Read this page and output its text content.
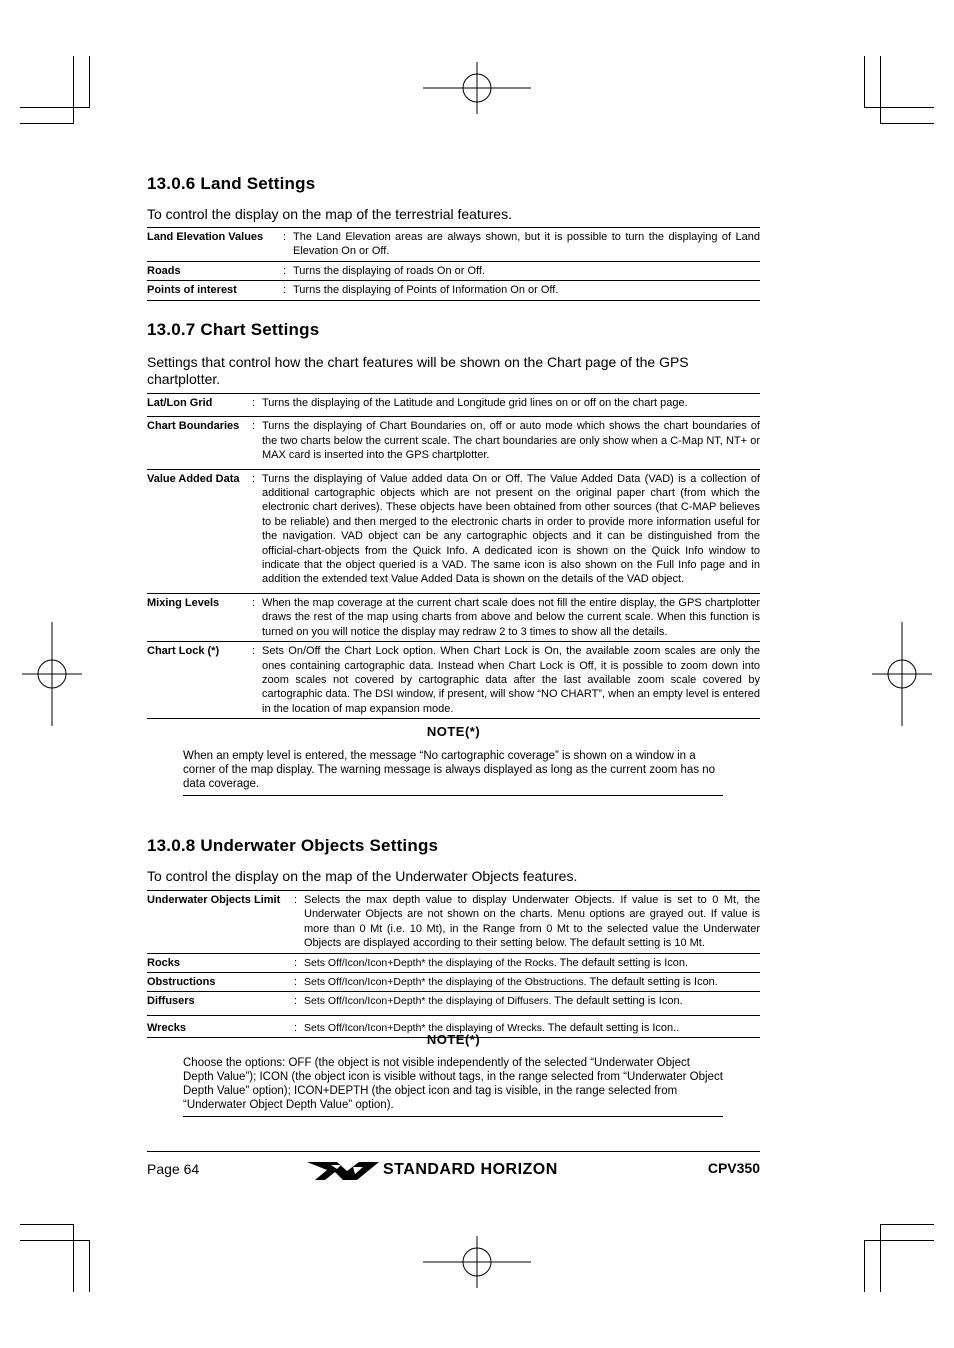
13.0.6 Land Settings
To control the display on the map of the terrestrial features.
Land Elevation Values : The Land Elevation areas are always shown, but it is possible to turn the displaying of Land Elevation On or Off.
Roads	: Turns the displaying of roads On or Off.
Points of interest	: Turns the displaying of Points of Information On or Off.
13.0.7 Chart Settings
Settings that control how the chart features will be shown on the Chart page of the GPS chartplotter.
Lat/Lon Grid	: Turns the displaying of the Latitude and Longitude grid lines on or off on the chart page.
Chart Boundaries : Turns the displaying of Chart Boundaries on, off or auto mode which shows the chart boundaries of the two charts below the current scale. The chart boundaries are only show when a C-Map NT, NT+ or MAX card is inserted into the GPS chartplotter.
Value Added Data : Turns the displaying of Value added data On or Off. The Value Added Data (VAD) is a collection of additional cartographic objects which are not present on the original paper chart (from which the electronic chart derives). These objects have been obtained from other sources (that C-MAP believes to be reliable) and then merged to the electronic charts in order to provide more information useful for the navigation. VAD object can be any cartographic objects and it can be distinguished from the official-chart-objects from the Quick Info. A dedicated icon is shown on the Quick Info window to indicate that the object queried is a VAD. The same icon is also shown on the Full Info page and in addition the extended text Value Added Data is shown on the details of the VAD object.
Mixing Levels	: When the map coverage at the current chart scale does not fill the entire display, the GPS chartplotter draws the rest of the map using charts from above and below the current scale. When this function is turned on you will notice the display may redraw 2 to 3 times to show all the details.
Chart Lock (*)	: Sets On/Off the Chart Lock option. When Chart Lock is On, the available zoom scales are only the ones containing cartographic data. Instead when Chart Lock is Off, it is possible to zoom down into zoom scales not covered by cartographic data after the last available zoom scale covered by cartographic data. The DSI window, if present, will show “NO CHART”, when an empty level is entered in the location of map expansion mode.
NOTE(*)
When an empty level is entered, the message “No cartographic coverage” is shown on a window in a corner of the map display. The warning message is always displayed as long as the current zoom has no data coverage.
13.0.8 Underwater Objects Settings
To control the display on the map of the Underwater Objects features.
Underwater Objects Limit : Selects the max depth value to display Underwater Objects. If value is set to 0 Mt, the Underwater Objects are not shown on the charts. Menu options are grayed out. If value is more than 0 Mt (i.e. 10 Mt), in the Range from 0 Mt to the selected value the Underwater Objects are displayed according to their setting below. The default setting is 10 Mt.
Rocks	: Sets Off/Icon/Icon+Depth* the displaying of the Rocks. The default setting is Icon.
Obstructions	: Sets Off/Icon/Icon+Depth* the displaying of the Obstructions. The default setting is Icon.
Diffusers	: Sets Off/Icon/Icon+Depth* the displaying of Diffusers. The default setting is Icon.
Wrecks	: Sets Off/Icon/Icon+Depth* the displaying of Wrecks. The default setting is Icon..
NOTE(*)
Choose the options: OFF (the object is not visible independently of the selected “Underwater Object Depth Value”); ICON (the object icon is visible without tags, in the range selected from “Underwater Object Depth Value” option); ICON+DEPTH (the object icon and tag is visible, in the range selected from “Underwater Object Depth Value” option).
Page 64	STANDARD HORIZON	CPV350
